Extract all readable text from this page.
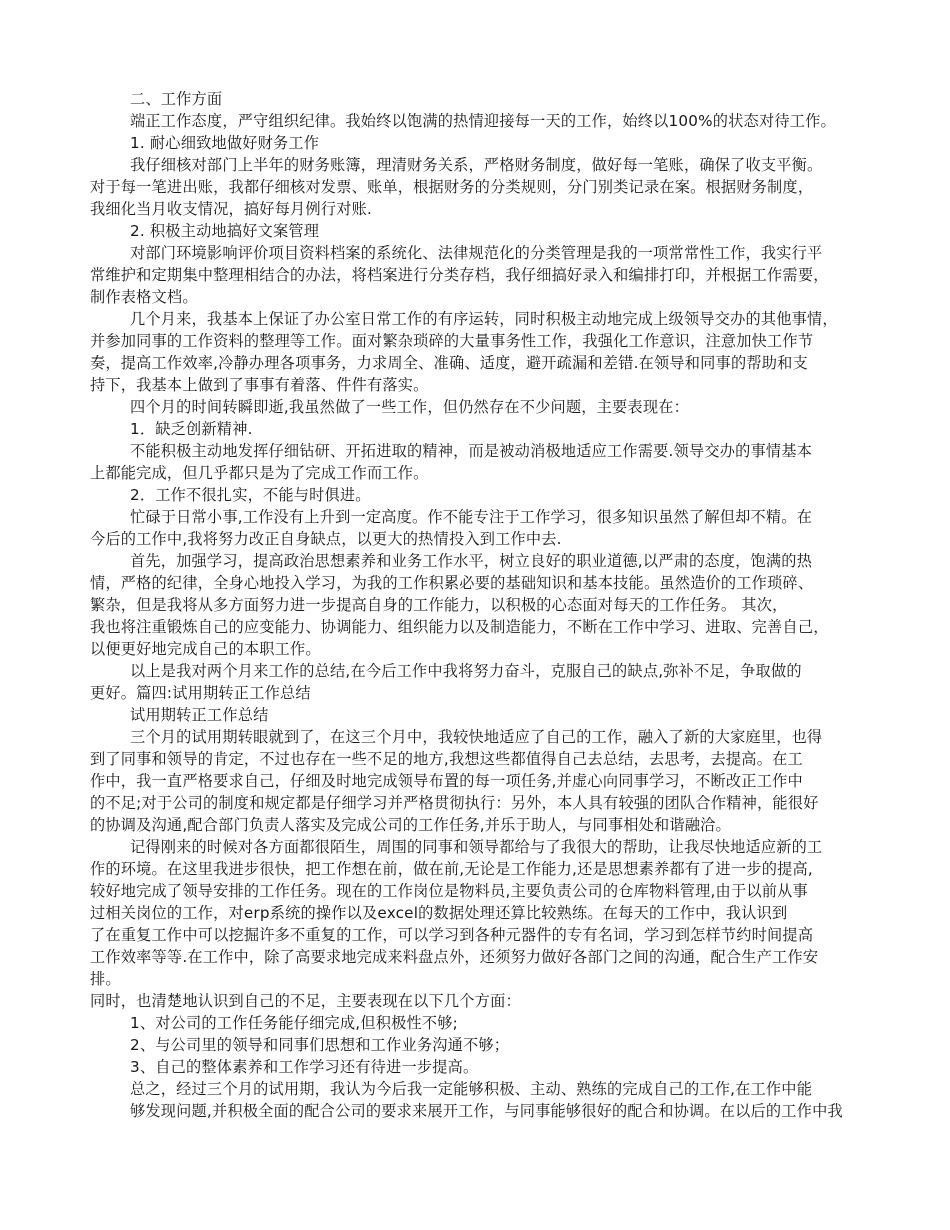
二、工作方面
端正工作态度，严守组织纪律。我始终以饱满的热情迎接每一天的工作，始终以100%的状态对待工作。
1. 耐心细致地做好财务工作
我仔细核对部门上半年的财务账簿，理清财务关系，严格财务制度，做好每一笔账，确保了收支平衡。
对于每一笔进出账，我都仔细核对发票、账单，根据财务的分类规则，分门别类记录在案。根据财务制度，
我细化当月收支情况，搞好每月例行对账.
2. 积极主动地搞好文案管理
对部门环境影响评价项目资料档案的系统化、法律规范化的分类管理是我的一项常常性工作，我实行平
常维护和定期集中整理相结合的办法，将档案进行分类存档，我仔细搞好录入和编排打印，并根据工作需要，
制作表格文档。
几个月来，我基本上保证了办公室日常工作的有序运转，同时积极主动地完成上级领导交办的其他事情，
并参加同事的工作资料的整理等工作。面对繁杂琐碎的大量事务性工作，我强化工作意识，注意加快工作节
奏，提高工作效率,冷静办理各项事务，力求周全、准确、适度，避开疏漏和差错.在领导和同事的帮助和支
持下，我基本上做到了事事有着落、件件有落实。
四个月的时间转瞬即逝,我虽然做了一些工作，但仍然存在不少问题，主要表现在：
1．缺乏创新精神.
不能积极主动地发挥仔细钻研、开拓进取的精神，而是被动消极地适应工作需要.领导交办的事情基本
上都能完成，但几乎都只是为了完成工作而工作。
2．工作不很扎实，不能与时俱进。
忙碌于日常小事,工作没有上升到一定高度。作不能专注于工作学习，很多知识虽然了解但却不精。在
今后的工作中,我将努力改正自身缺点，以更大的热情投入到工作中去.
首先，加强学习，提高政治思想素养和业务工作水平，树立良好的职业道德,以严肃的态度，饱满的热
情，严格的纪律，全身心地投入学习，为我的工作积累必要的基础知识和基本技能。虽然造价的工作琐碎、
繁杂，但是我将从多方面努力进一步提高自身的工作能力，以积极的心态面对每天的工作任务。 其次，
我也将注重锻炼自己的应变能力、协调能力、组织能力以及制造能力，不断在工作中学习、进取、完善自己，
以便更好地完成自己的本职工作。
以上是我对两个月来工作的总结,在今后工作中我将努力奋斗，克服自己的缺点,弥补不足，争取做的
更好。篇四:试用期转正工作总结
试用期转正工作总结
三个月的试用期转眼就到了，在这三个月中，我较快地适应了自己的工作，融入了新的大家庭里，也得
到了同事和领导的肯定，不过也存在一些不足的地方,我想这些都值得自己去总结，去思考，去提高。在工
作中，我一直严格要求自己，仔细及时地完成领导布置的每一项任务,并虚心向同事学习，不断改正工作中
的不足;对于公司的制度和规定都是仔细学习并严格贯彻执行：另外，本人具有较强的团队合作精神，能很好
的协调及沟通,配合部门负责人落实及完成公司的工作任务,并乐于助人，与同事相处和谐融洽。
记得刚来的时候对各方面都很陌生，周围的同事和领导都给与了我很大的帮助，让我尽快地适应新的工
作的环境。在这里我进步很快，把工作想在前，做在前,无论是工作能力,还是思想素养都有了进一步的提高,
较好地完成了领导安排的工作任务。现在的工作岗位是物料员,主要负责公司的仓库物料管理,由于以前从事
过相关岗位的工作，对erp系统的操作以及excel的数据处理还算比较熟练。在每天的工作中，我认识到
了在重复工作中可以挖掘许多不重复的工作，可以学习到各种元器件的专有名词，学习到怎样节约时间提高
工作效率等等.在工作中，除了高要求地完成来料盘点外，还须努力做好各部门之间的沟通，配合生产工作安
排。
同时，也清楚地认识到自己的不足，主要表现在以下几个方面：
1、对公司的工作任务能仔细完成,但积极性不够;
2、与公司里的领导和同事们思想和工作业务沟通不够；
3、自己的整体素养和工作学习还有待进一步提高。
总之，经过三个月的试用期，我认为今后我一定能够积极、主动、熟练的完成自己的工作,在工作中能
够发现问题,并积极全面的配合公司的要求来展开工作，与同事能够很好的配合和协调。在以后的工作中我
